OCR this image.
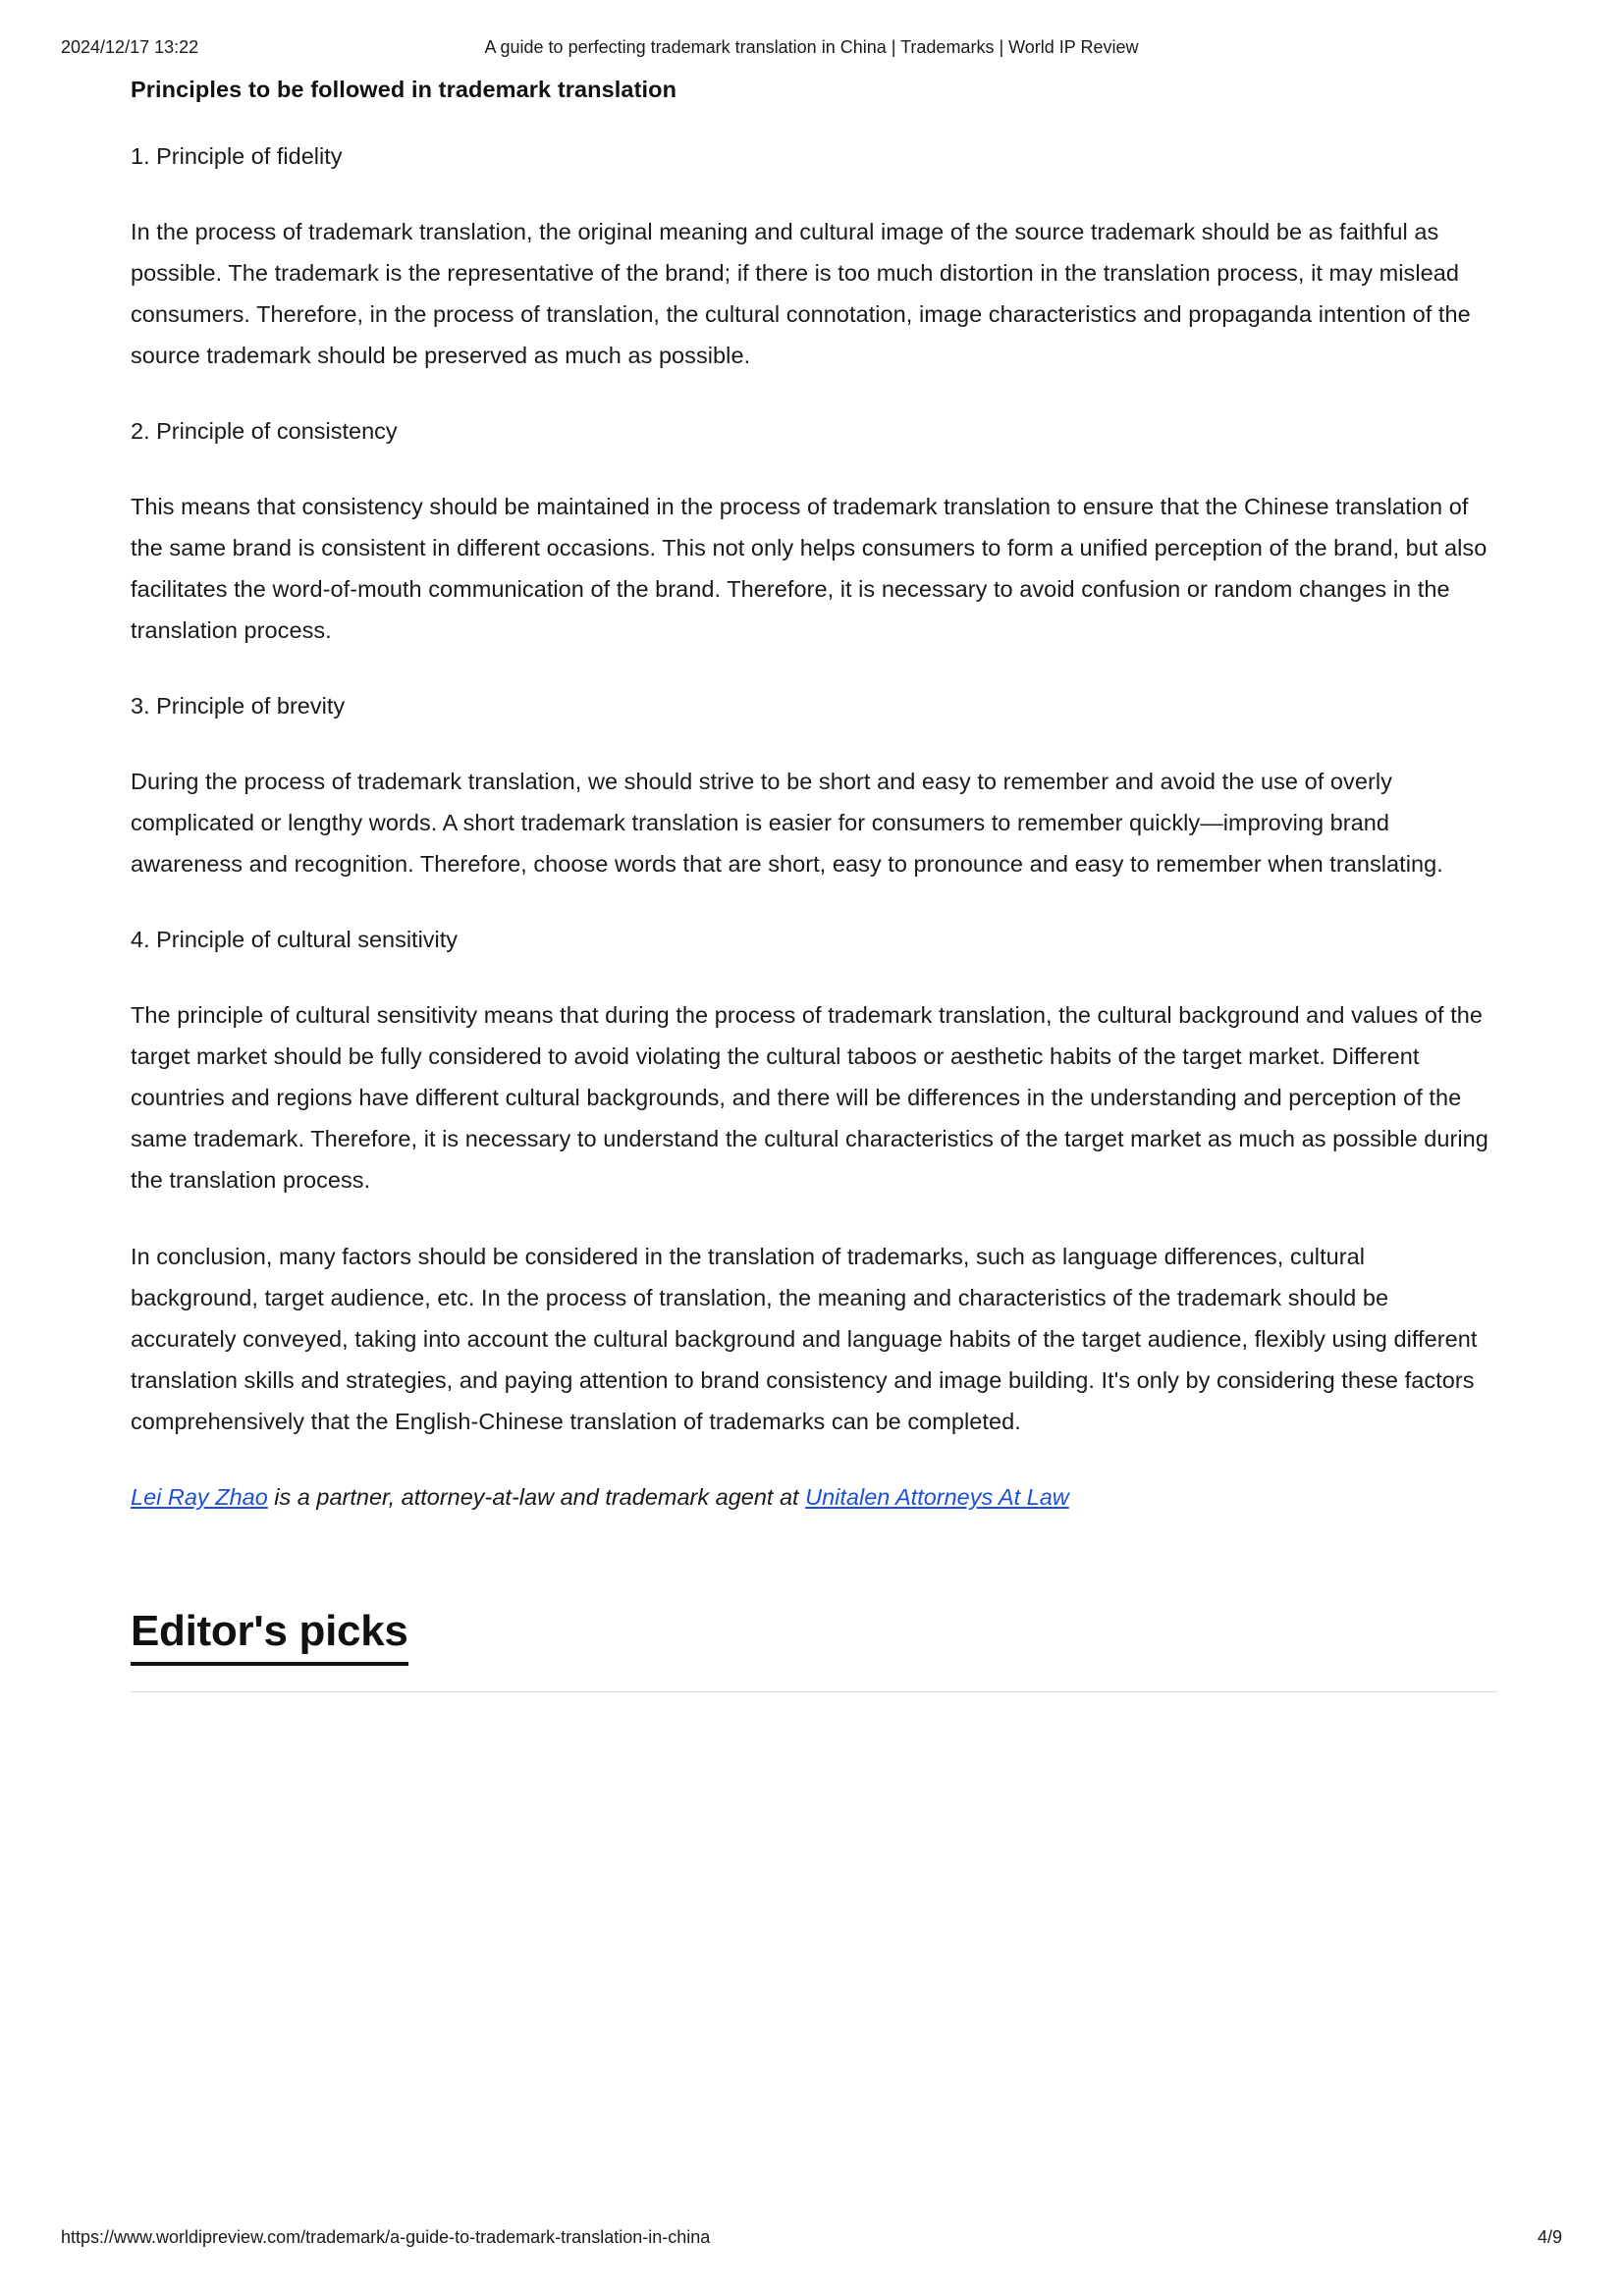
2024/12/17 13:22	A guide to perfecting trademark translation in China | Trademarks | World IP Review
Principles to be followed in trademark translation

1. Principle of fidelity

In the process of trademark translation, the original meaning and cultural image of the source trademark should be as faithful as possible. The trademark is the representative of the brand; if there is too much distortion in the translation process, it may mislead consumers. Therefore, in the process of translation, the cultural connotation, image characteristics and propaganda intention of the source trademark should be preserved as much as possible.

2. Principle of consistency

This means that consistency should be maintained in the process of trademark translation to ensure that the Chinese translation of the same brand is consistent in different occasions. This not only helps consumers to form a unified perception of the brand, but also facilitates the word-of-mouth communication of the brand. Therefore, it is necessary to avoid confusion or random changes in the translation process.

3. Principle of brevity

During the process of trademark translation, we should strive to be short and easy to remember and avoid the use of overly complicated or lengthy words. A short trademark translation is easier for consumers to remember quickly—improving brand awareness and recognition. Therefore, choose words that are short, easy to pronounce and easy to remember when translating.

4. Principle of cultural sensitivity

The principle of cultural sensitivity means that during the process of trademark translation, the cultural background and values of the target market should be fully considered to avoid violating the cultural taboos or aesthetic habits of the target market. Different countries and regions have different cultural backgrounds, and there will be differences in the understanding and perception of the same trademark. Therefore, it is necessary to understand the cultural characteristics of the target market as much as possible during the translation process.

In conclusion, many factors should be considered in the translation of trademarks, such as language differences, cultural background, target audience, etc. In the process of translation, the meaning and characteristics of the trademark should be accurately conveyed, taking into account the cultural background and language habits of the target audience, flexibly using different translation skills and strategies, and paying attention to brand consistency and image building. It's only by considering these factors comprehensively that the English-Chinese translation of trademarks can be completed.

Lei Ray Zhao is a partner, attorney-at-law and trademark agent at Unitalen Attorneys At Law

Editor's picks
https://www.worldipreview.com/trademark/a-guide-to-trademark-translation-in-china	4/9
